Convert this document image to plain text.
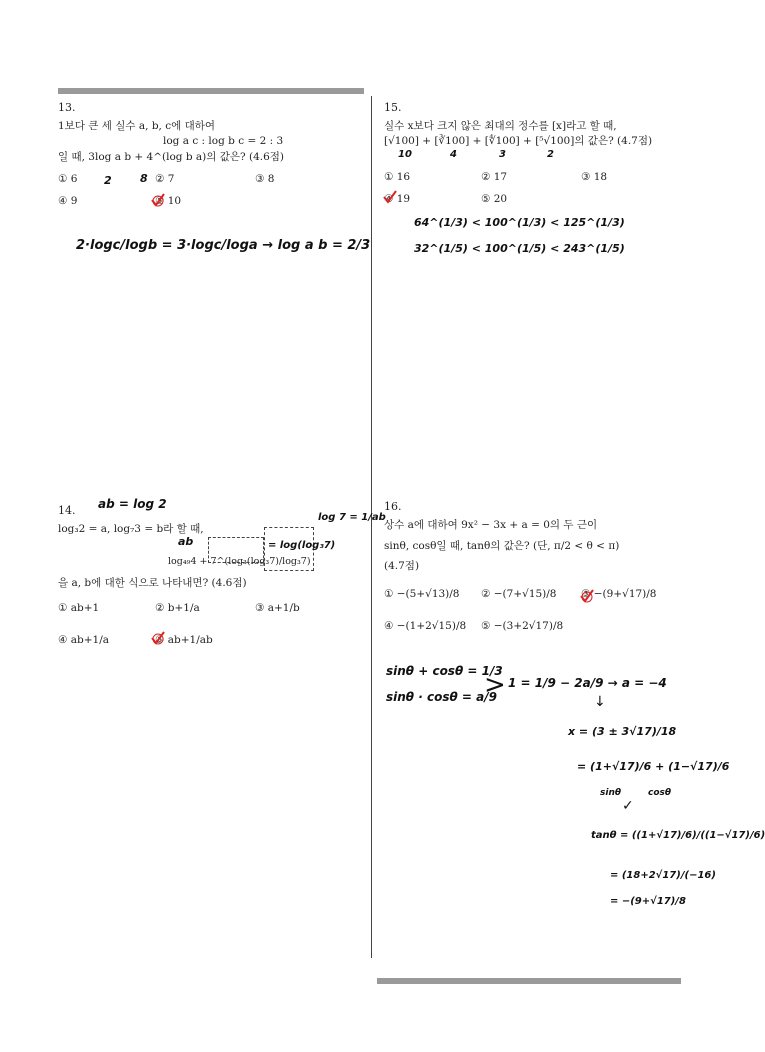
13.
1보다 큰 세 실수 a, b, c에 대하여
log a c : log b c = 2 : 3
일 때, 3log a b + 4^(log b a)의 값은? (4.6점)
① 6	② 7	③ 8
④ 9	⑤ 10
2	8
2·logc/logb = 3·logc/loga → log a b = 2/3
ab = log 2
14.
log₃2 = a, log₇3 = b라 할 때,
log₄₉4 + 7^(log₃(log₃7)/log₃7)
을 a, b에 대한 식으로 나타내면? (4.6점)
① ab+1	② b+1/a	③ a+1/b
④ ab+1/a	⑤ ab+1/ab
ab	= log(log₃7)
log 7 = 1/ab
15.
실수 x보다 크지 않은 최대의 정수를 [x]라고 할 때,
[√100] + [∛100] + [∜100] + [⁵√100]의 값은? (4.7점)
① 16	② 17	③ 18
④ 19	⑤ 20
10	4	3	2
64^(1/3) < 100^(1/3) < 125^(1/3)
32^(1/5) < 100^(1/5) < 243^(1/5)
16.
상수 a에 대하여 9x² − 3x + a = 0의 두 근이
sinθ, cosθ일 때, tanθ의 값은? (단, π/2 < θ < π)
(4.7점)
① −(5+√13)/8 ② −(7+√15)/8 ③ −(9+√17)/8
④ −(1+2√15)/8 ⑤ −(3+2√17)/8
sinθ + cosθ = 1/3
sinθ · cosθ = a/9
> 1 = 1/9 − 2a/9 → a = −4
↓
x = (3 ± 3√17)/18
= (1+√17)/6 + (1−√17)/6
sinθ	cosθ
✓
tanθ = ((1+√17)/6)/((1−√17)/6)
= (18+2√17)/(−16)
= −(9+√17)/8
